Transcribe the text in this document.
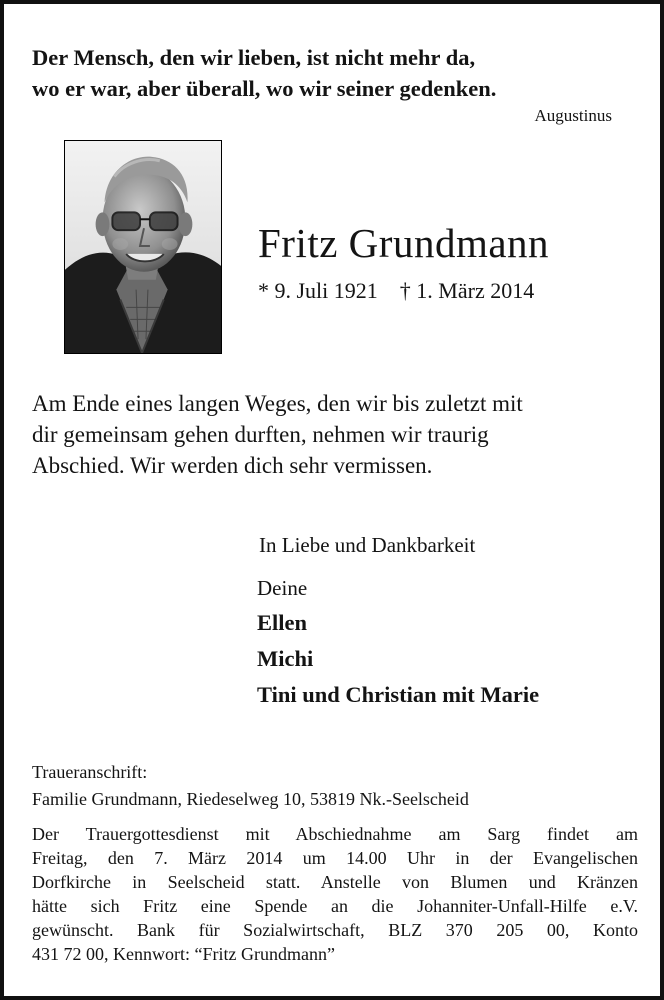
Der Mensch, den wir lieben, ist nicht mehr da,
wo er war, aber überall, wo wir seiner gedenken.
Augustinus
Fritz Grundmann
* 9. Juli 1921 † 1. März 2014
Am Ende eines langen Weges, den wir bis zuletzt mit
dir gemeinsam gehen durften, nehmen wir traurig
Abschied. Wir werden dich sehr vermissen.
In Liebe und Dankbarkeit
Deine
Ellen
Michi
Tini und Christian mit Marie
Traueranschrift:
Familie Grundmann, Riedeselweg 10, 53819 Nk.-Seelscheid
Der Trauergottesdienst mit Abschiednahme am Sarg findet am
Freitag, den 7. März 2014 um 14.00 Uhr in der Evangelischen
Dorfkirche in Seelscheid statt. Anstelle von Blumen und Kränzen
hätte sich Fritz eine Spende an die Johanniter-Unfall-Hilfe e.V.
gewünscht. Bank für Sozialwirtschaft, BLZ 370 205 00, Konto
431 72 00, Kennwort: “Fritz Grundmann”
